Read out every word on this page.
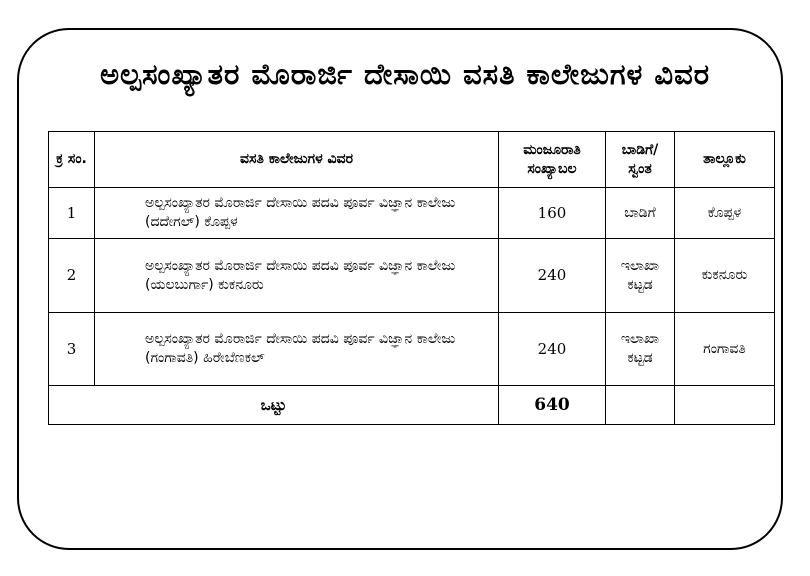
ಅಲ್ಪಸಂಖ್ಯಾತರ ಮೊರಾರ್ಜಿ ದೇಸಾಯಿ ವಸತಿ ಕಾಲೇಜುಗಳ ವಿವರ
ಕ್ರ ಸಂ.	ವಸತಿ ಕಾಲೇಜುಗಳ ವಿವರ	ಮಂಜೂರಾತಿ ಸಂಖ್ಯಾಬಲ	ಬಾಡಿಗೆ/ ಸ್ವಂತ	ತಾಲ್ಲೂಕು
1	ಅಲ್ಪಸಂಖ್ಯಾತರ ಮೊರಾರ್ಜಿ ದೇಸಾಯಿ ಪದವಿ ಪೂರ್ವ ವಿಜ್ಞಾನ ಕಾಲೇಜು (ದದೇಗಲ್) ಕೊಪ್ಪಳ	160	ಬಾಡಿಗೆ	ಕೊಪ್ಪಳ
2	ಅಲ್ಪಸಂಖ್ಯಾತರ ಮೊರಾರ್ಜಿ ದೇಸಾಯಿ ಪದವಿ ಪೂರ್ವ ವಿಜ್ಞಾನ ಕಾಲೇಜು (ಯಲಬುರ್ಗಾ) ಕುಕನೂರು	240	ಇಲಾಖಾ ಕಟ್ಟಡ	ಕುಕನೂರು
3	ಅಲ್ಪಸಂಖ್ಯಾತರ ಮೊರಾರ್ಜಿ ದೇಸಾಯಿ ಪದವಿ ಪೂರ್ವ ವಿಜ್ಞಾನ ಕಾಲೇಜು (ಗಂಗಾವತಿ) ಹಿರೇಬೆಣಕಲ್	240	ಇಲಾಖಾ ಕಟ್ಟಡ	ಗಂಗಾವತಿ
ಒಟ್ಟು		640		
